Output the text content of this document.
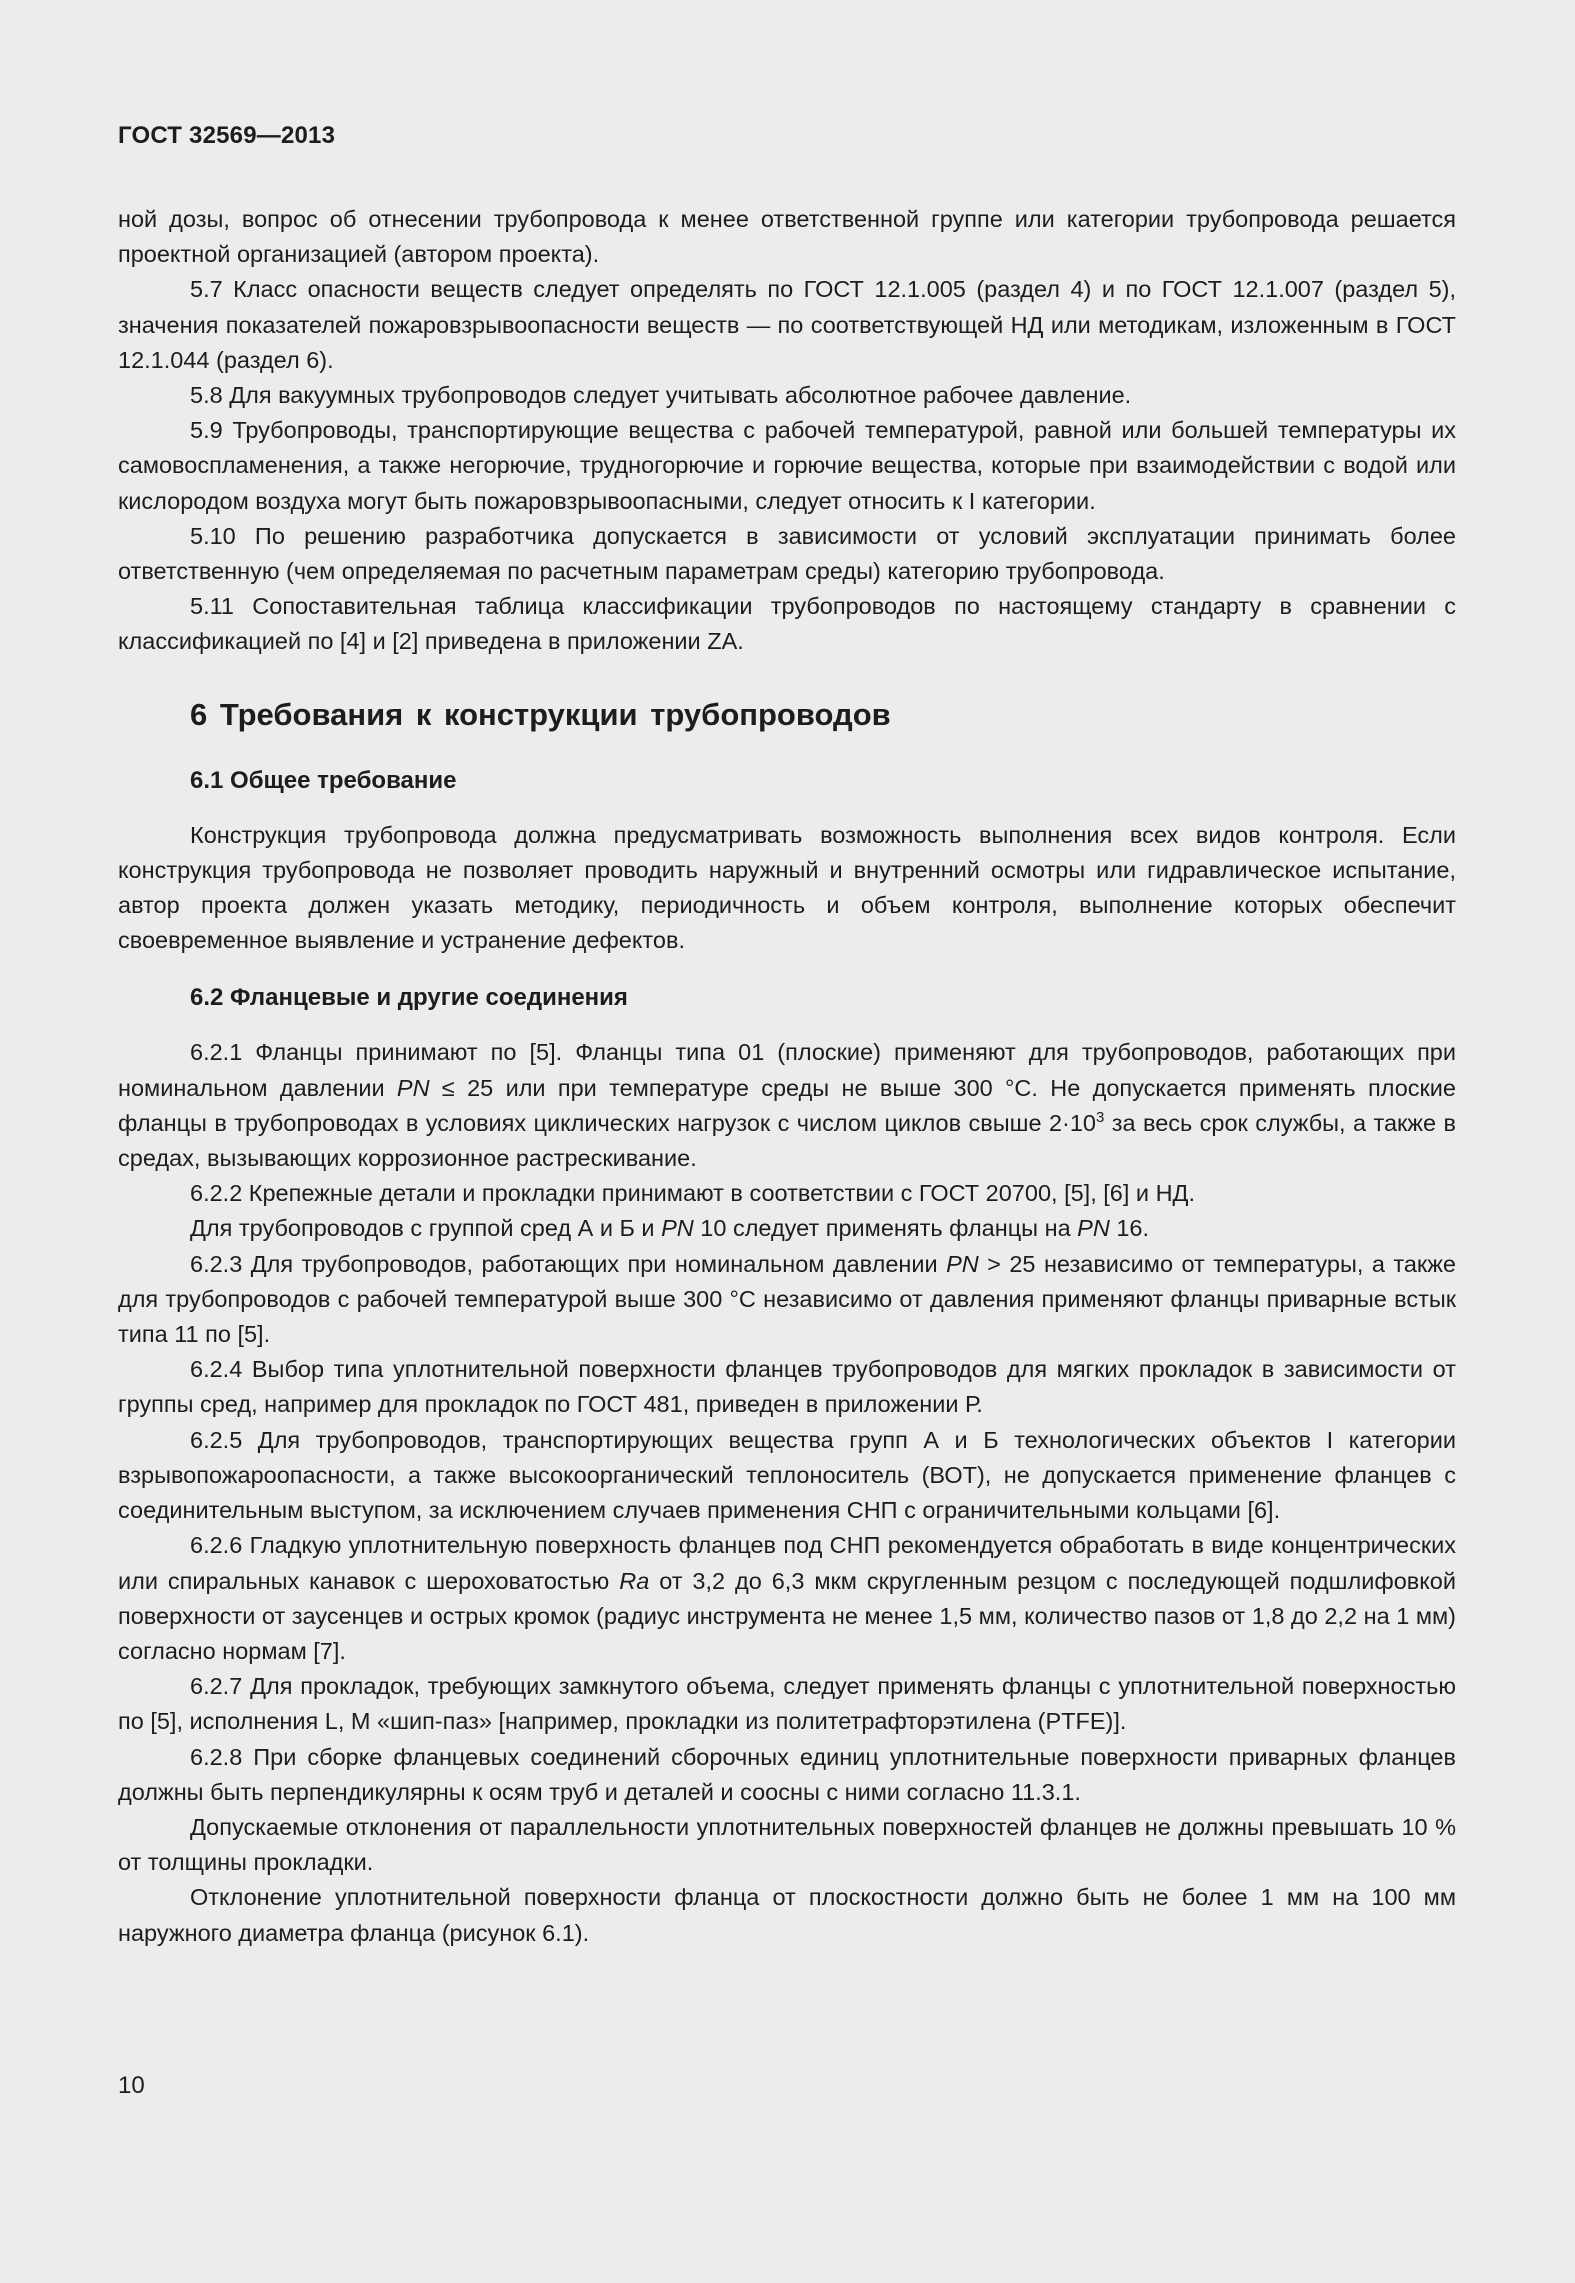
ГОСТ 32569—2013

ной дозы, вопрос об отнесении трубопровода к менее ответственной группе или категории трубопровода решается проектной организацией (автором проекта).

5.7 Класс опасности веществ следует определять по ГОСТ 12.1.005 (раздел 4) и по ГОСТ 12.1.007 (раздел 5), значения показателей пожаровзрывоопасности веществ — по соответствующей НД или методикам, изложенным в ГОСТ 12.1.044 (раздел 6).

5.8 Для вакуумных трубопроводов следует учитывать абсолютное рабочее давление.

5.9 Трубопроводы, транспортирующие вещества с рабочей температурой, равной или большей температуры их самовоспламенения, а также негорючие, трудногорючие и горючие вещества, которые при взаимодействии с водой или кислородом воздуха могут быть пожаровзрывоопасными, следует относить к I категории.

5.10 По решению разработчика допускается в зависимости от условий эксплуатации принимать более ответственную (чем определяемая по расчетным параметрам среды) категорию трубопровода.

5.11 Сопоставительная таблица классификации трубопроводов по настоящему стандарту в сравнении с классификацией по [4] и [2] приведена в приложении ZA.

6 Требования к конструкции трубопроводов
6.1 Общее требование

Конструкция трубопровода должна предусматривать возможность выполнения всех видов контроля. Если конструкция трубопровода не позволяет проводить наружный и внутренний осмотры или гидравлическое испытание, автор проекта должен указать методику, периодичность и объем контроля, выполнение которых обеспечит своевременное выявление и устранение дефектов.

6.2 Фланцевые и другие соединения

6.2.1 Фланцы принимают по [5]. Фланцы типа 01 (плоские) применяют для трубопроводов, работающих при номинальном давлении PN ≤ 25 или при температуре среды не выше 300 °С. Не допускается применять плоские фланцы в трубопроводах в условиях циклических нагрузок с числом циклов свыше $2\cdot 10^3$ за весь срок службы, а также в средах, вызывающих коррозионное растрескивание.

6.2.2 Крепежные детали и прокладки принимают в соответствии с ГОСТ 20700, [5], [6] и НД.

Для трубопроводов с группой сред А и Б и PN 10 следует применять фланцы на PN 16.

6.2.3 Для трубопроводов, работающих при номинальном давлении PN > 25 независимо от температуры, а также для трубопроводов с рабочей температурой выше 300 °С независимо от давления применяют фланцы приварные встык типа 11 по [5].

6.2.4 Выбор типа уплотнительной поверхности фланцев трубопроводов для мягких прокладок в зависимости от группы сред, например для прокладок по ГОСТ 481, приведен в приложении Р.

6.2.5 Для трубопроводов, транспортирующих вещества групп А и Б технологических объектов I категории взрывопожароопасности, а также высокоорганический теплоноситель (ВОТ), не допускается применение фланцев с соединительным выступом, за исключением случаев применения СНП с ограничительными кольцами [6].

6.2.6 Гладкую уплотнительную поверхность фланцев под СНП рекомендуется обработать в виде концентрических или спиральных канавок с шероховатостью Ra от 3,2 до 6,3 мкм скругленным резцом с последующей подшлифовкой поверхности от заусенцев и острых кромок (радиус инструмента не менее 1,5 мм, количество пазов от 1,8 до 2,2 на 1 мм) согласно нормам [7].

6.2.7 Для прокладок, требующих замкнутого объема, следует применять фланцы с уплотнительной поверхностью по [5], исполнения L, M «шип-паз» [например, прокладки из политетрафторэтилена (PTFE)].

6.2.8 При сборке фланцевых соединений сборочных единиц уплотнительные поверхности приварных фланцев должны быть перпендикулярны к осям труб и деталей и соосны с ними согласно 11.3.1.

Допускаемые отклонения от параллельности уплотнительных поверхностей фланцев не должны превышать 10 % от толщины прокладки.

Отклонение уплотнительной поверхности фланца от плоскостности должно быть не более 1 мм на 100 мм наружного диаметра фланца (рисунок 6.1).

10
